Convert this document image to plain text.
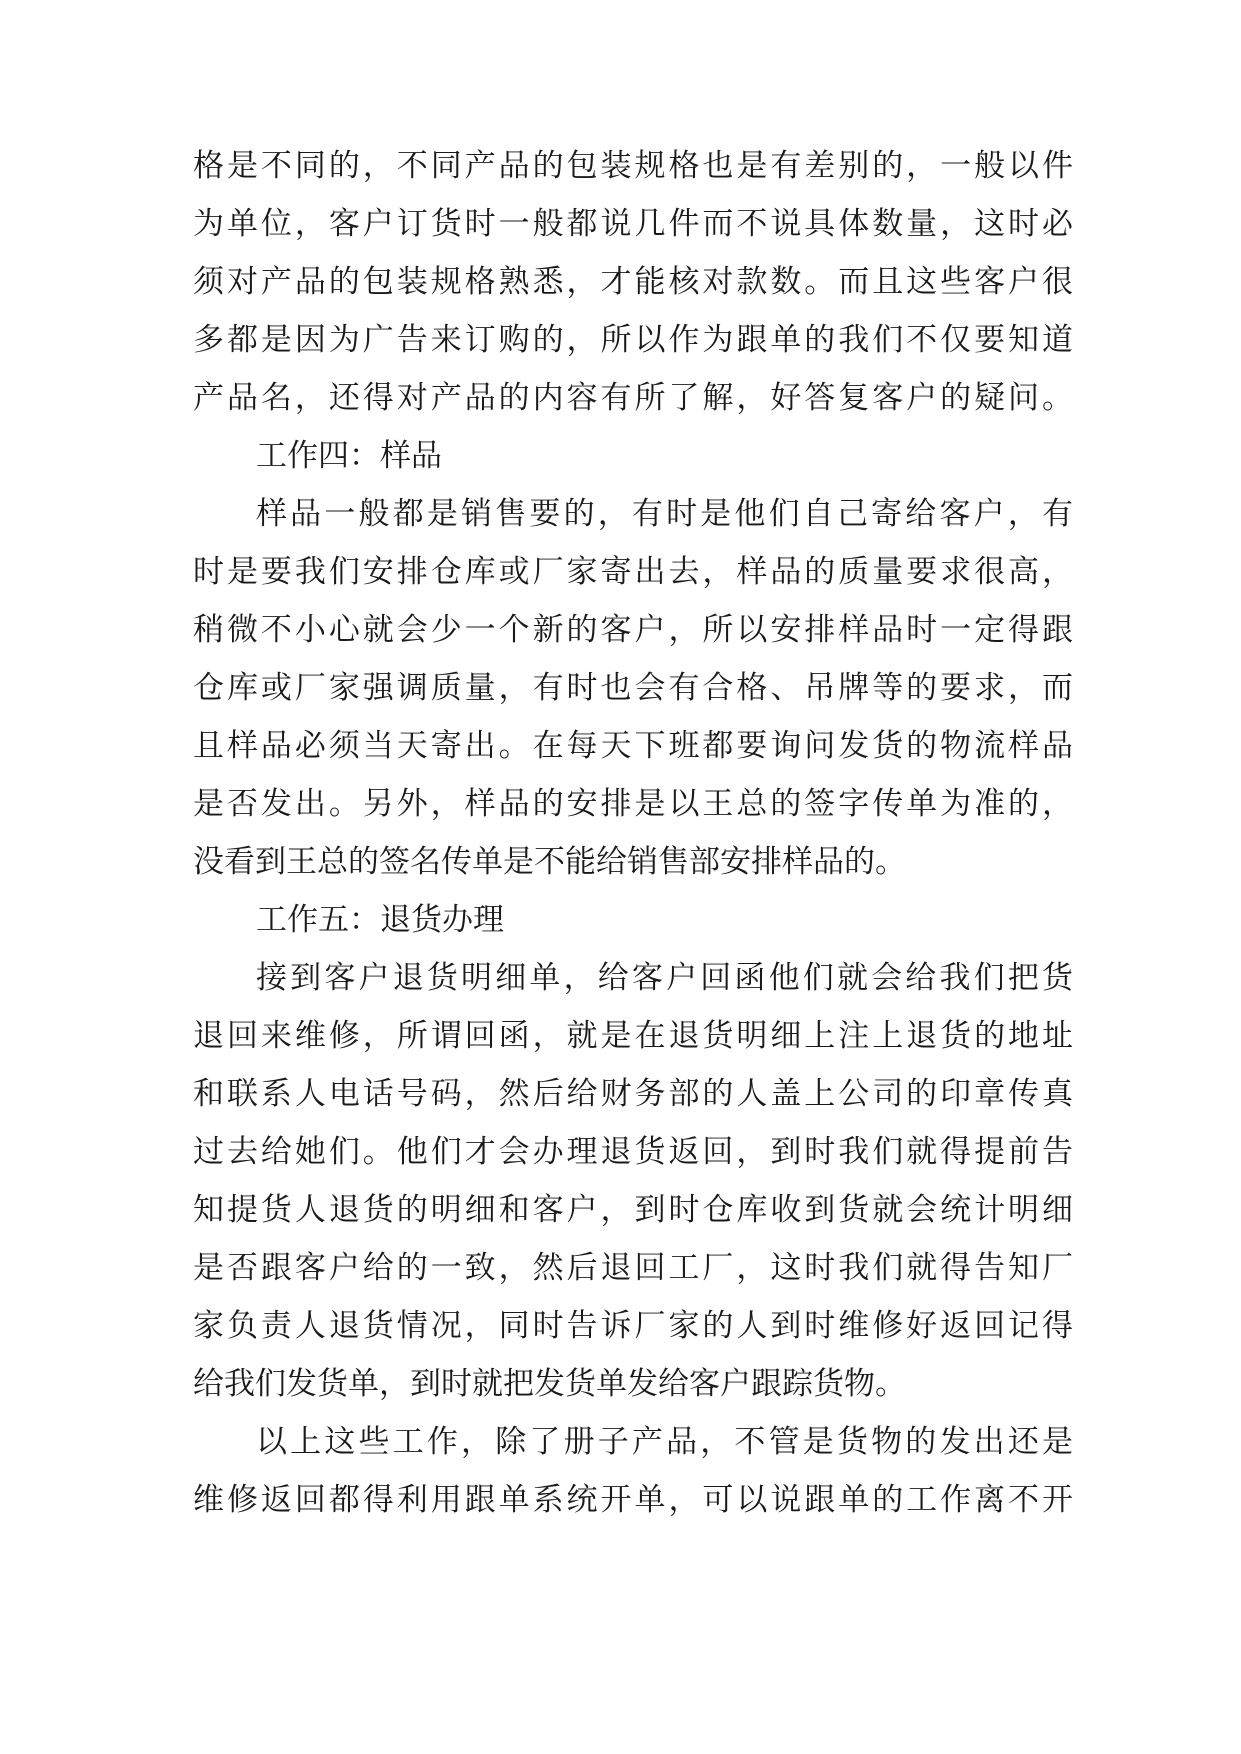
格是不同的，不同产品的包装规格也是有差别的，一般以件
为单位，客户订货时一般都说几件而不说具体数量，这时必
须对产品的包装规格熟悉，才能核对款数。而且这些客户很
多都是因为广告来订购的，所以作为跟单的我们不仅要知道
产品名，还得对产品的内容有所了解，好答复客户的疑问。
工作四：样品
样品一般都是销售要的，有时是他们自己寄给客户，有
时是要我们安排仓库或厂家寄出去，样品的质量要求很高，
稍微不小心就会少一个新的客户，所以安排样品时一定得跟
仓库或厂家强调质量，有时也会有合格、吊牌等的要求，而
且样品必须当天寄出。在每天下班都要询问发货的物流样品
是否发出。另外，样品的安排是以王总的签字传单为准的，
没看到王总的签名传单是不能给销售部安排样品的。
工作五：退货办理
接到客户退货明细单，给客户回函他们就会给我们把货
退回来维修，所谓回函，就是在退货明细上注上退货的地址
和联系人电话号码，然后给财务部的人盖上公司的印章传真
过去给她们。他们才会办理退货返回，到时我们就得提前告
知提货人退货的明细和客户，到时仓库收到货就会统计明细
是否跟客户给的一致，然后退回工厂，这时我们就得告知厂
家负责人退货情况，同时告诉厂家的人到时维修好返回记得
给我们发货单，到时就把发货单发给客户跟踪货物。
以上这些工作，除了册子产品，不管是货物的发出还是
维修返回都得利用跟单系统开单，可以说跟单的工作离不开
